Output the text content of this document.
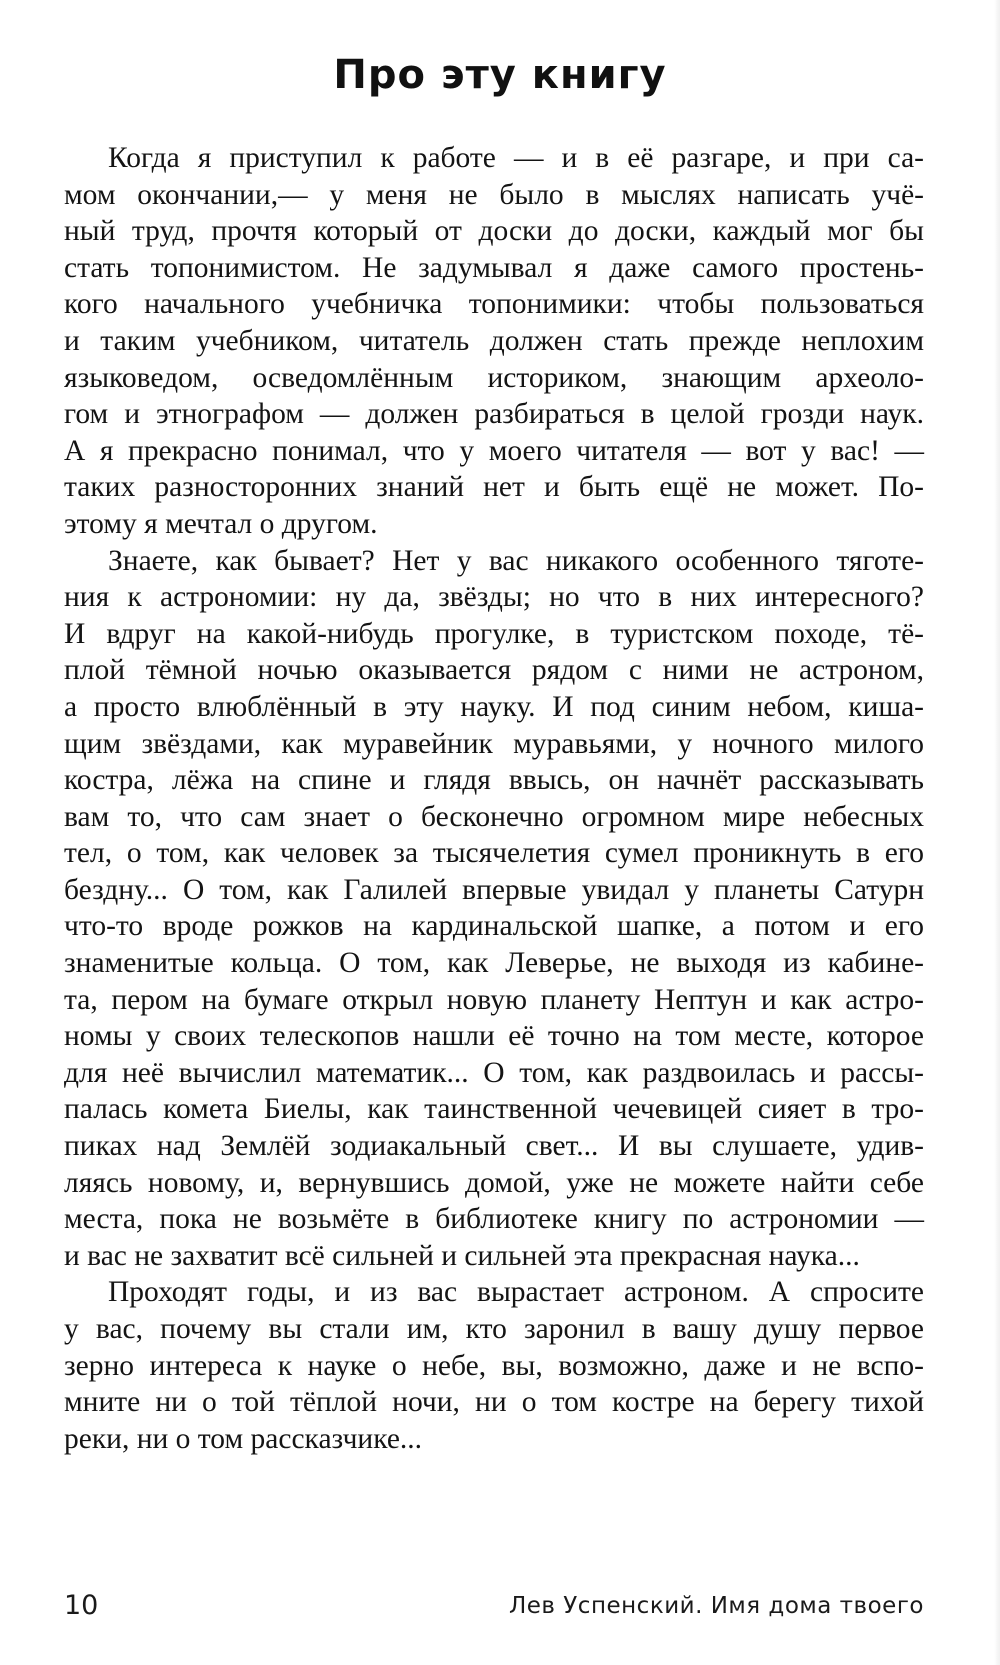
Про эту книгу
Когда я приступил к работе — и в её разгаре, и при са-
мом окончании,— у меня не было в мыслях написать учё-
ный труд, прочтя который от доски до доски, каждый мог бы
стать топонимистом. Не задумывал я даже самого простень-
кого начального учебничка топонимики: чтобы пользоваться
и таким учебником, читатель должен стать прежде неплохим
языковедом, осведомлённым историком, знающим археоло-
гом и этнографом — должен разбираться в целой грозди наук.
А я прекрасно понимал, что у моего читателя — вот у вас! —
таких разносторонних знаний нет и быть ещё не может. По-
этому я мечтал о другом.
Знаете, как бывает? Нет у вас никакого особенного тяготе-
ния к астрономии: ну да, звёзды; но что в них интересного?
И вдруг на какой-нибудь прогулке, в туристском походе, тё-
плой тёмной ночью оказывается рядом с ними не астроном,
а просто влюблённый в эту науку. И под синим небом, киша-
щим звёздами, как муравейник муравьями, у ночного милого
костра, лёжа на спине и глядя ввысь, он начнёт рассказывать
вам то, что сам знает о бесконечно огромном мире небесных
тел, о том, как человек за тысячелетия сумел проникнуть в его
бездну... О том, как Галилей впервые увидал у планеты Сатурн
что-то вроде рожков на кардинальской шапке, а потом и его
знаменитые кольца. О том, как Леверье, не выходя из кабине-
та, пером на бумаге открыл новую планету Нептун и как астро-
номы у своих телескопов нашли её точно на том месте, которое
для неё вычислил математик... О том, как раздвоилась и рассы-
палась комета Биелы, как таинственной чечевицей сияет в тро-
пиках над Землёй зодиакальный свет... И вы слушаете, удив-
ляясь новому, и, вернувшись домой, уже не можете найти себе
места, пока не возьмёте в библиотеке книгу по астрономии —
и вас не захватит всё сильней и сильней эта прекрасная наука...
Проходят годы, и из вас вырастает астроном. А спросите
у вас, почему вы стали им, кто заронил в вашу душу первое
зерно интереса к науке о небе, вы, возможно, даже и не вспо-
мните ни о той тёплой ночи, ни о том костре на берегу тихой
реки, ни о том рассказчике...
10	Лев Успенский. Имя дома твоего
